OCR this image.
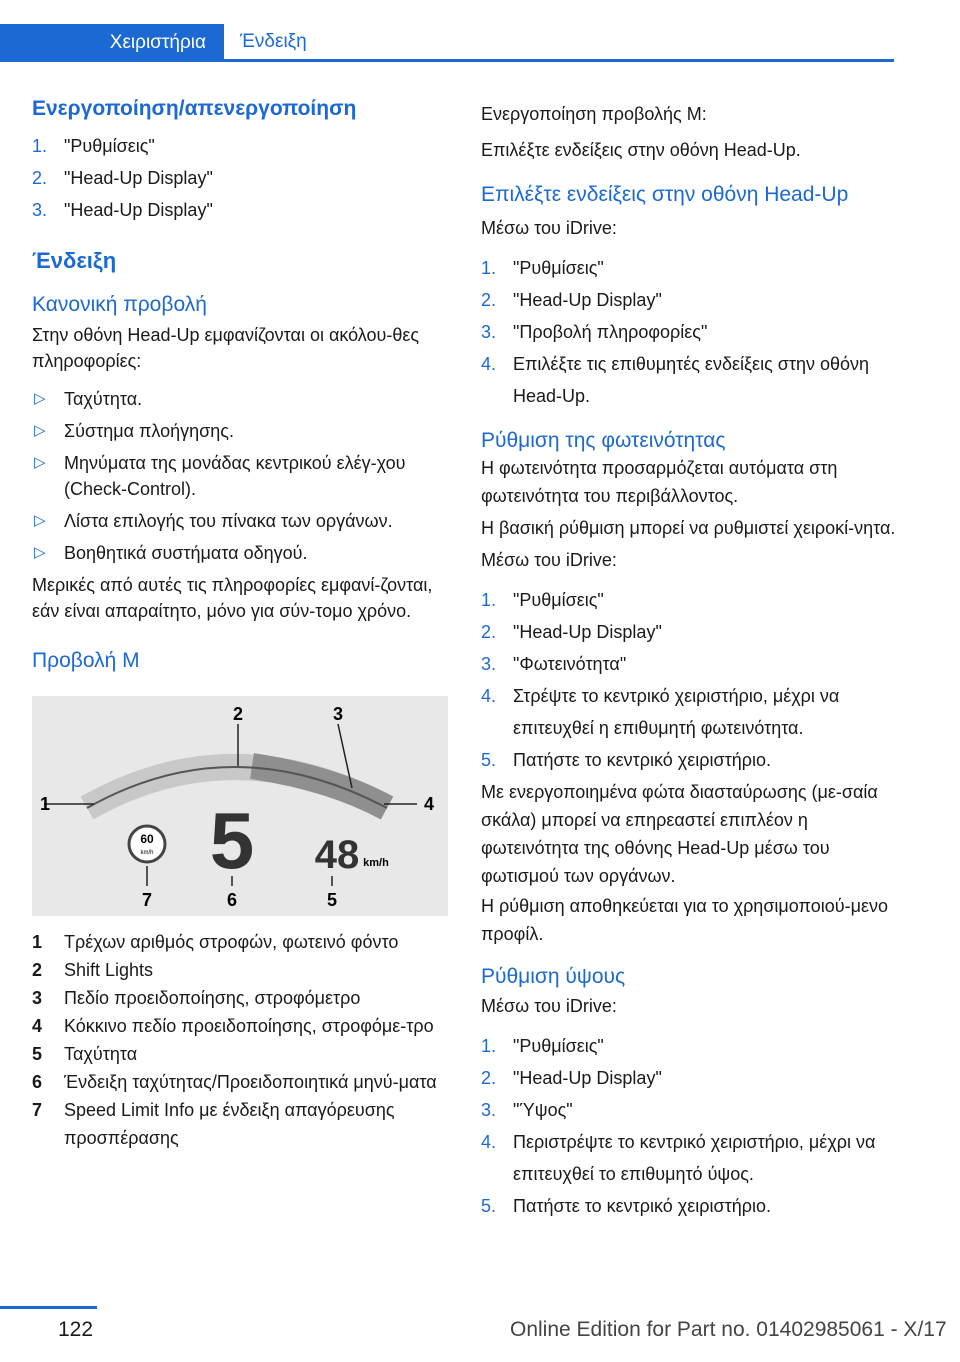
Χειριστήρια	Ένδειξη
Ενεργοποίηση/απενεργοποίηση
1. "Ρυθμίσεις"
2. "Head-Up Display"
3. "Head-Up Display"
Ένδειξη
Κανονική προβολή

Στην οθόνη Head-Up εμφανίζονται οι ακόλου-θες πληροφορίες:

▷ Ταχύτητα.
▷ Σύστημα πλοήγησης.
▷ Μηνύματα της μονάδας κεντρικού ελέγ-χου (Check-Control).
▷ Λίστα επιλογής του πίνακα των οργάνων.
▷ Βοηθητικά συστήματα οδηγού.

Μερικές από αυτές τις πληροφορίες εμφανί-ζονται, εάν είναι απαραίτητο, μόνο για σύν-τομο χρόνο.

Προβολή M
60
km/h 5 48 km/h
1
2	3
4
5
6
7
1 Τρέχων αριθμός στροφών, φωτεινό φόντο
2 Shift Lights
3 Πεδίο προειδοποίησης, στροφόμετρο
4 Κόκκινο πεδίο προειδοποίησης, στροφόμε-τρο
5 Ταχύτητα
6 Ένδειξη ταχύτητας/Προειδοποιητικά μηνύ-ματα
7 Speed Limit Info με ένδειξη απαγόρευσης προσπέρασης

Ενεργοποίηση προβολής M:

Επιλέξτε ενδείξεις στην οθόνη Head-Up.

Επιλέξτε ενδείξεις στην οθόνη Head-Up

Μέσω του iDrive:

1. "Ρυθμίσεις"
2. "Head-Up Display"
3. "Προβολή πληροφορίες"
4. Επιλέξτε τις επιθυμητές ενδείξεις στην οθόνη Head-Up.
Ρύθμιση της φωτεινότητας

Η φωτεινότητα προσαρμόζεται αυτόματα στη φωτεινότητα του περιβάλλοντος.

Η βασική ρύθμιση μπορεί να ρυθμιστεί χειροκί-νητα.

Μέσω του iDrive:

1. "Ρυθμίσεις"
2. "Head-Up Display"
3. "Φωτεινότητα"
4. Στρέψτε το κεντρικό χειριστήριο, μέχρι να επιτευχθεί η επιθυμητή φωτεινότητα.
5. Πατήστε το κεντρικό χειριστήριο.

Με ενεργοποιημένα φώτα διασταύρωσης (με-σαία σκάλα) μπορεί να επηρεαστεί επιπλέον η φωτεινότητα της οθόνης Head-Up μέσω του φωτισμού των οργάνων.

Η ρύθμιση αποθηκεύεται για το χρησιμοποιού-μενο προφίλ.

Ρύθμιση ύψους

Μέσω του iDrive:

1. "Ρυθμίσεις"
2. "Head-Up Display"
3. "Ύψος"
4. Περιστρέψτε το κεντρικό χειριστήριο, μέχρι να επιτευχθεί το επιθυμητό ύψος.
5. Πατήστε το κεντρικό χειριστήριο.
122	Online Edition for Part no. 01402985061 - X/17
